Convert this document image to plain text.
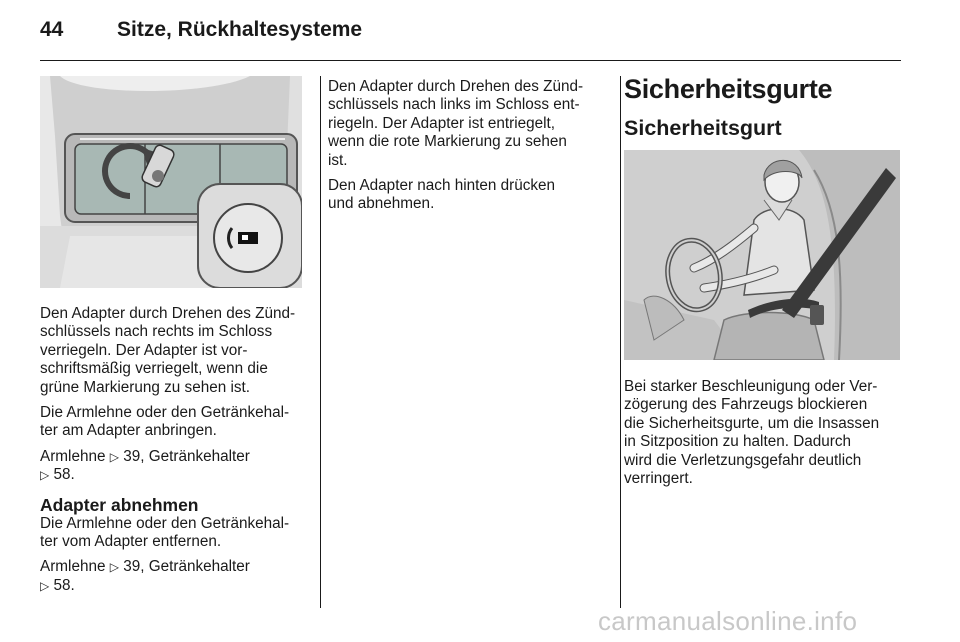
44	Sitze, Rückhaltesysteme

Den Adapter durch Drehen des Zünd-
schlüssels nach rechts im Schloss
verriegeln. Der Adapter ist vor-
schriftsmäßig verriegelt, wenn die
grüne Markierung zu sehen ist.

Die Armlehne oder den Getränkehal-
ter am Adapter anbringen.

Armlehne ▷ 39, Getränkehalter
▷ 58.

Adapter abnehmen

Die Armlehne oder den Getränkehal-
ter vom Adapter entfernen.

Armlehne ▷ 39, Getränkehalter
▷ 58.

Den Adapter durch Drehen des Zünd-
schlüssels nach links im Schloss ent-
riegeln. Der Adapter ist entriegelt,
wenn die rote Markierung zu sehen
ist.

Den Adapter nach hinten drücken
und abnehmen.

Sicherheitsgurte
Sicherheitsgurt

Bei starker Beschleunigung oder Ver-
zögerung des Fahrzeugs blockieren
die Sicherheitsgurte, um die Insassen
in Sitzposition zu halten. Dadurch
wird die Verletzungsgefahr deutlich
verringert.

carmanualsonline.info
